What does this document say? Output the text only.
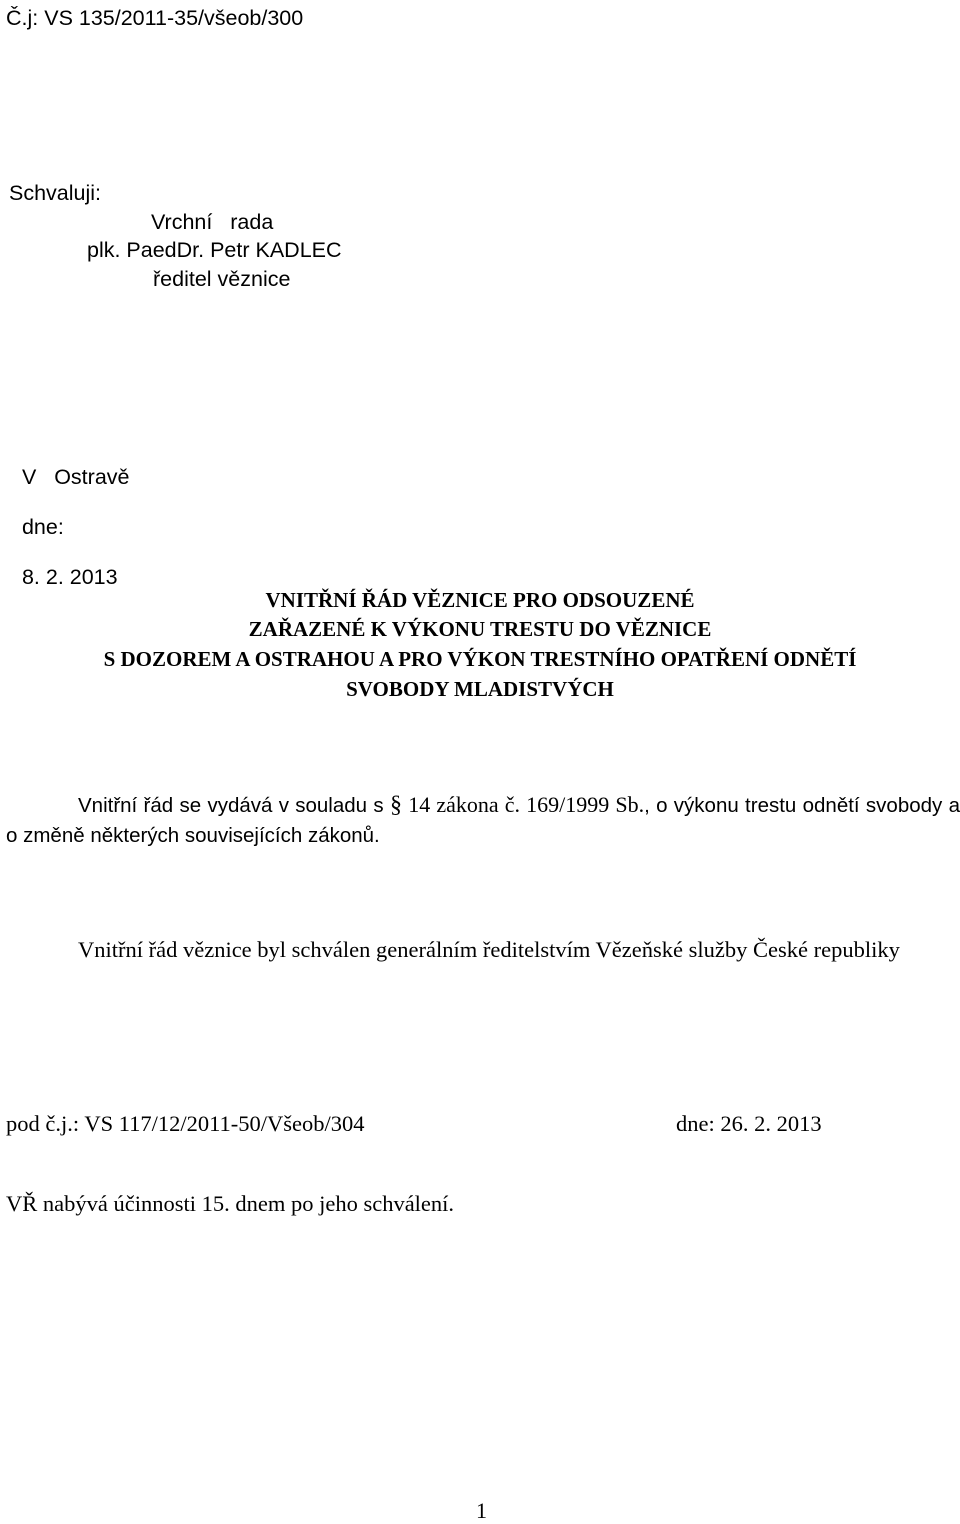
Č.j: VS 135/2011-35/všeob/300
Schvaluji:
Vrchní   rada
plk. PaedDr. Petr KADLEC
ředitel věznice

V   Ostravě

dne:

8. 2. 2013

VNITŘNÍ ŘÁD VĚZNICE PRO ODSOUZENÉ
ZAŘAZENÉ K VÝKONU TRESTU DO VĚZNICE
S DOZOREM A OSTRAHOU A PRO VÝKON TRESTNÍHO OPATŘENÍ ODNĚTÍ
SVOBODY MLADISTVÝCH
Vnitřní řád se vydává v souladu s § 14 zákona č. 169/1999 Sb., o výkonu trestu odnětí svobody a o změně některých souvisejících zákonů.
Vnitřní řád věznice byl schválen generálním ředitelstvím Vězeňské služby České republiky
pod č.j.: VS 117/12/2011-50/Všeob/304	dne: 26. 2. 2013
VŘ nabývá účinnosti 15. dnem po jeho schválení.
1
